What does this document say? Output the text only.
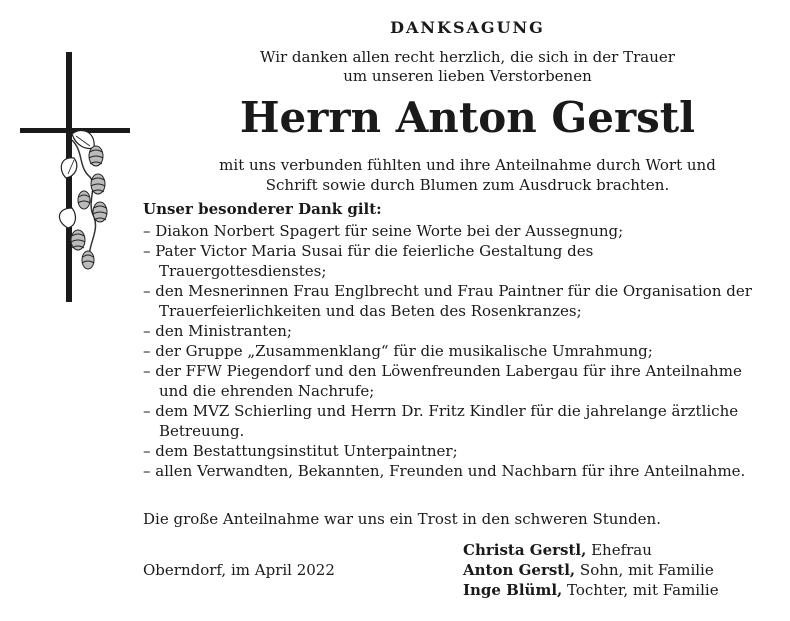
DANKSAGUNG
Wir danken allen recht herzlich, die sich in der Trauer
um unseren lieben Verstorbenen
Herrn Anton Gerstl
mit uns verbunden fühlten und ihre Anteilnahme durch Wort und
Schrift sowie durch Blumen zum Ausdruck brachten.
Unser besonderer Dank gilt:
– Diakon Norbert Spagert für seine Worte bei der Aussegnung;
– Pater Victor Maria Susai für die feierliche Gestaltung des Trauergottesdienstes;
– den Mesnerinnen Frau Englbrecht und Frau Paintner für die Organisation der Trauerfeierlichkeiten und das Beten des Rosenkranzes;
– den Ministranten;
– der Gruppe „Zusammenklang“ für die musikalische Umrahmung;
– der FFW Piegendorf und den Löwenfreunden Labergau für ihre Anteilnahme und die ehrenden Nachrufe;
– dem MVZ Schierling und Herrn Dr. Fritz Kindler für die jahrelange ärztliche Betreuung.
– dem Bestattungsinstitut Unterpaintner;
– allen Verwandten, Bekannten, Freunden und Nachbarn für ihre Anteilnahme.
Die große Anteilnahme war uns ein Trost in den schweren Stunden.
Oberndorf, im April 2022
Christa Gerstl, Ehefrau
Anton Gerstl, Sohn, mit Familie
Inge Blüml, Tochter, mit Familie
